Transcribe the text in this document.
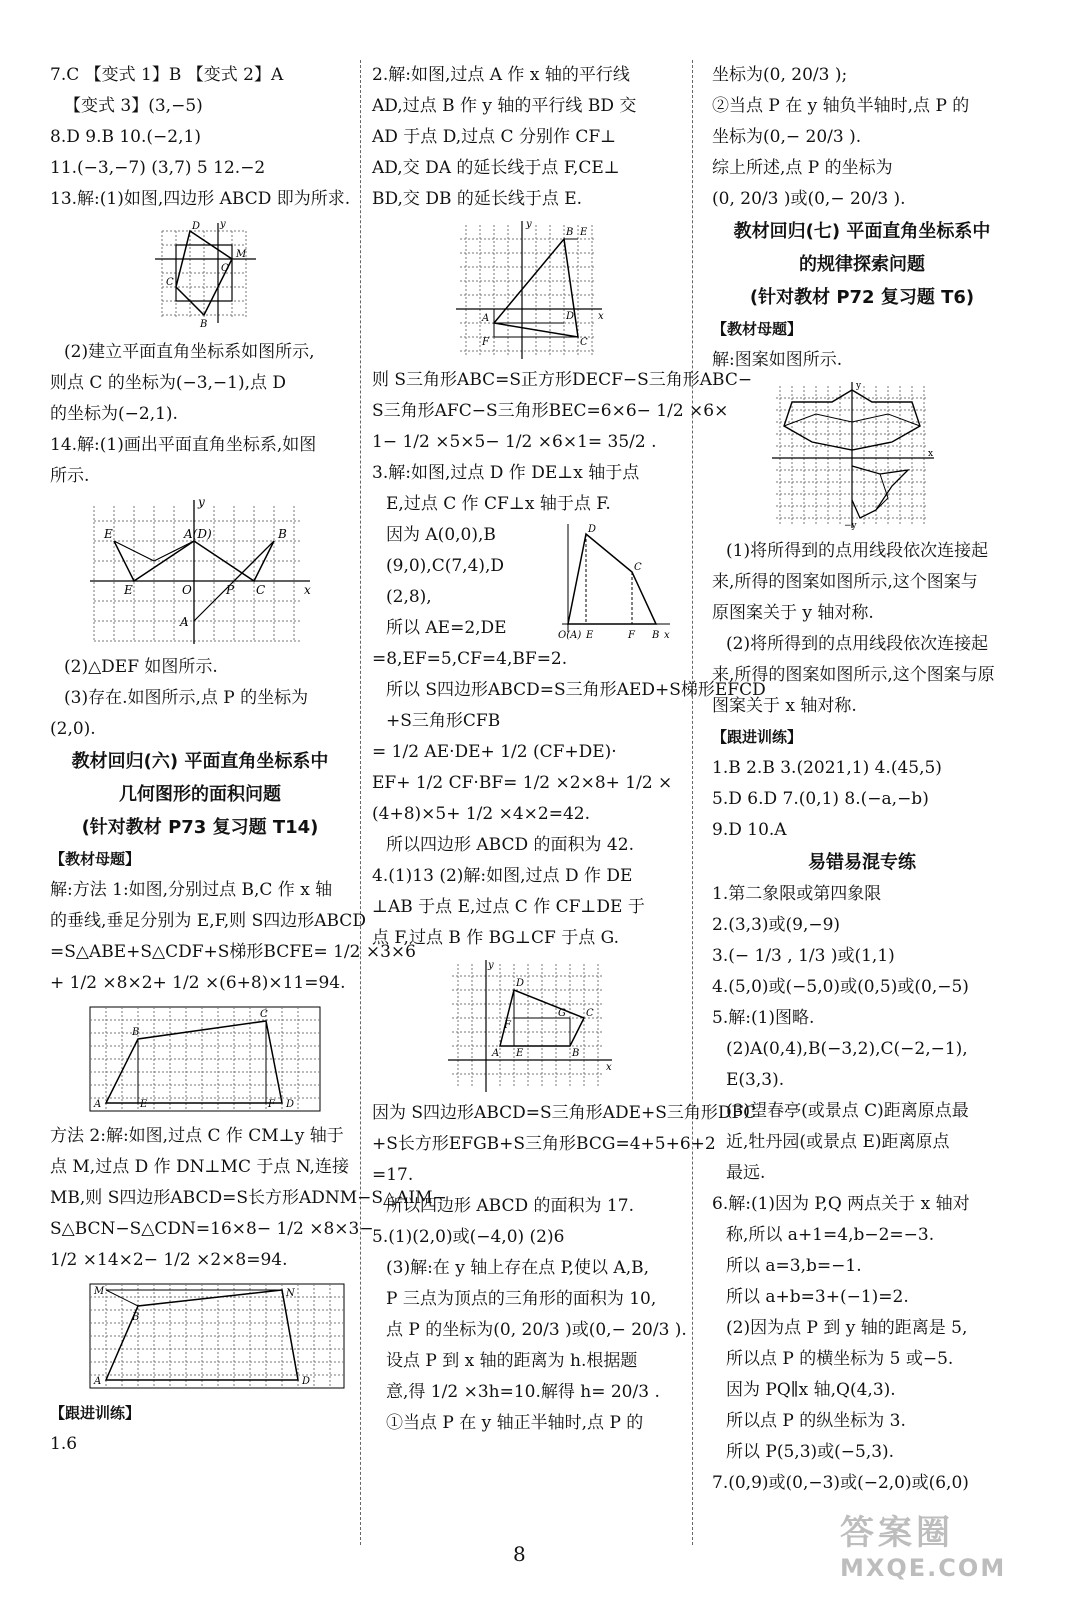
7.C 【变式 1】B 【变式 2】A
【变式 3】(3,−5)
8.D 9.B 10.(−2,1)
11.(−3,−7) (3,7) 5 12.−2
13.解:(1)如图,四边形 ABCD 即为所求.
D
M
C
B
O
y
(2)建立平面直角坐标系如图所示,
则点 C 的坐标为(−3,−1),点 D
的坐标为(−2,1).
14.解:(1)画出平面直角坐标系,如图
所示.
E	A(D)	B
E	O	P C
A
y
x
(2)△DEF 如图所示.
(3)存在.如图所示,点 P 的坐标为
(2,0).
教材回归(六) 平面直角坐标系中
几何图形的面积问题
(针对教材 P73 复习题 T14)
【教材母题】
解:方法 1:如图,分别过点 B,C 作 x 轴
的垂线,垂足分别为 E,F,则 S四边形ABCD
=S△ABE+S△CDF+S梯形BCFE= 1/2 ×3×6
+ 1/2 ×8×2+ 1/2 ×(6+8)×11=94.
B
C
A	E	F D
方法 2:解:如图,过点 C 作 CM⊥y 轴于
点 M,过点 D 作 DN⊥MC 于点 N,连接
MB,则 S四边形ABCD=S长方形ADNM−S△AIM−
S△BCN−S△CDN=16×8− 1/2 ×8×3−
1/2 ×14×2− 1/2 ×2×8=94.
M
B
N
A	D
【跟进训练】
1.6
2.解:如图,过点 A 作 x 轴的平行线
AD,过点 B 作 y 轴的平行线 BD 交
AD 于点 D,过点 C 分别作 CF⊥
AD,交 DA 的延长线于点 F,CE⊥
BD,交 DB 的延长线于点 E.
A
B E
F	C
D x
y
则 S三角形ABC=S正方形DECF−S三角形ABC−
S三角形AFC−S三角形BEC=6×6− 1/2 ×6×
1− 1/2 ×5×5− 1/2 ×6×1= 35/2 .
3.解:如图,过点 D 作 DE⊥x 轴于点
E,过点 C 作 CF⊥x 轴于点 F.
因为 A(0,0),B
(9,0),C(7,4),D
(2,8),
所以 AE=2,DE
D
C
O(A) E	F B x
=8,EF=5,CF=4,BF=2.
所以 S四边形ABCD=S三角形AED+S梯形EFCD
+S三角形CFB
= 1/2 AE·DE+ 1/2 (CF+DE)·
EF+ 1/2 CF·BF= 1/2 ×2×8+ 1/2 ×
(4+8)×5+ 1/2 ×4×2=42.
所以四边形 ABCD 的面积为 42.
4.(1)13 (2)解:如图,过点 D 作 DE
⊥AB 于点 E,过点 C 作 CF⊥DE 于
点 F,过点 B 作 BG⊥CF 于点 G.
D
C
F
G
A E	B
x
y
因为 S四边形ABCD=S三角形ADE+S三角形DFC
+S长方形EFGB+S三角形BCG=4+5+6+2
=17.
所以四边形 ABCD 的面积为 17.
5.(1)(2,0)或(−4,0) (2)6
(3)解:在 y 轴上存在点 P,使以 A,B,
P 三点为顶点的三角形的面积为 10,
点 P 的坐标为(0, 20/3 )或(0,− 20/3 ).
设点 P 到 x 轴的距离为 h.根据题
意,得 1/2 ×3h=10.解得 h= 20/3 .
①当点 P 在 y 轴正半轴时,点 P 的
坐标为(0, 20/3 );
②当点 P 在 y 轴负半轴时,点 P 的
坐标为(0,− 20/3 ).
综上所述,点 P 的坐标为
(0, 20/3 )或(0,− 20/3 ).
教材回归(七) 平面直角坐标系中
的规律探索问题
(针对教材 P72 复习题 T6)
【教材母题】
解:图案如图所示.
y
x
−y
(1)将所得到的点用线段依次连接起
来,所得的图案如图所示,这个图案与
原图案关于 y 轴对称.
(2)将所得到的点用线段依次连接起
来,所得的图案如图所示,这个图案与原
图案关于 x 轴对称.
【跟进训练】
1.B 2.B 3.(2021,1) 4.(45,5)
5.D 6.D 7.(0,1) 8.(−a,−b)
9.D 10.A
易错易混专练
1.第二象限或第四象限
2.(3,3)或(9,−9)
3.(− 1/3 , 1/3 )或(1,1)
4.(5,0)或(−5,0)或(0,5)或(0,−5)
5.解:(1)图略.
(2)A(0,4),B(−3,2),C(−2,−1),
E(3,3).
(3)望春亭(或景点 C)距离原点最
近,牡丹园(或景点 E)距离原点
最远.
6.解:(1)因为 P,Q 两点关于 x 轴对
称,所以 a+1=4,b−2=−3.
所以 a=3,b=−1.
所以 a+b=3+(−1)=2.
(2)因为点 P 到 y 轴的距离是 5,
所以点 P 的横坐标为 5 或−5.
因为 PQ∥x 轴,Q(4,3).
所以点 P 的纵坐标为 3.
所以 P(5,3)或(−5,3).
7.(0,9)或(0,−3)或(−2,0)或(6,0)
8
答案圈
MXQE.COM
